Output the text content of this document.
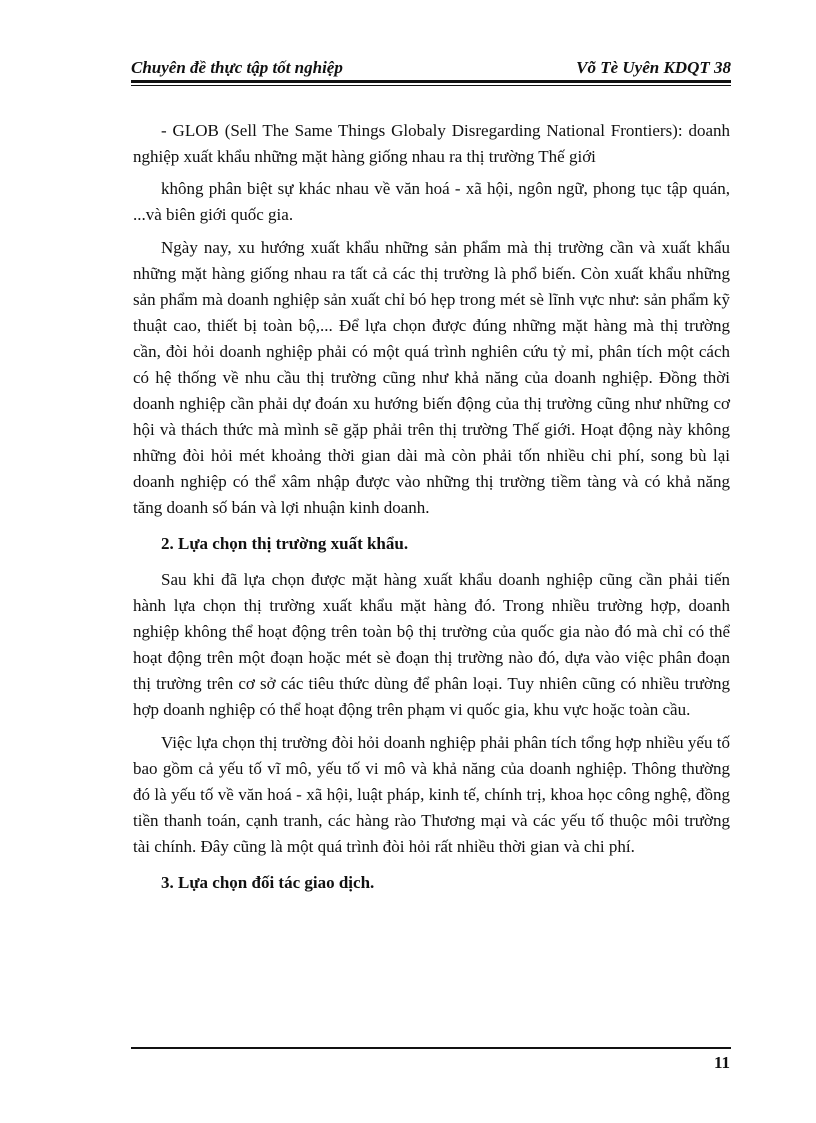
Chuyên đề thực tập tốt nghiệp	Võ Tè Uyên KDQT 38

- GLOB (Sell The Same Things Globaly Disregarding National Frontiers): doanh nghiệp xuất khẩu những mặt hàng giống nhau ra thị trường Thế giới

không phân biệt sự khác nhau về văn hoá - xã hội, ngôn ngữ, phong tục tập quán, ...và biên giới quốc gia.

Ngày nay, xu hướng xuất khẩu những sản phẩm mà thị trường cần và xuất khẩu những mặt hàng giống nhau ra tất cả các thị trường là phổ biến. Còn xuất khẩu những sản phẩm mà doanh nghiệp sản xuất chỉ bó hẹp trong mét sè lĩnh vực như: sản phẩm kỹ thuật cao, thiết bị toàn bộ,... Để lựa chọn được đúng những mặt hàng mà thị trường cần, đòi hỏi doanh nghiệp phải có một quá trình nghiên cứu tỷ mỉ, phân tích một cách có hệ thống về nhu cầu thị trường cũng như khả năng của doanh nghiệp. Đồng thời doanh nghiệp cần phải dự đoán xu hướng biến động của thị trường cũng như những cơ hội và thách thức mà mình sẽ gặp phải trên thị trường Thế giới. Hoạt động này không những đòi hỏi mét khoảng thời gian dài mà còn phải tốn nhiều chi phí, song bù lại doanh nghiệp có thể xâm nhập được vào những thị trường tiềm tàng và có khả năng tăng doanh số bán và lợi nhuận kinh doanh.

2. Lựa chọn thị trường xuất khẩu.

Sau khi đã lựa chọn được mặt hàng xuất khẩu doanh nghiệp cũng cần phải tiến hành lựa chọn thị trường xuất khẩu mặt hàng đó. Trong nhiều trường hợp, doanh nghiệp không thể hoạt động trên toàn bộ thị trường của quốc gia nào đó mà chỉ có thể hoạt động trên một đoạn hoặc mét sè đoạn thị trường nào đó, dựa vào việc phân đoạn thị trường trên cơ sở các tiêu thức dùng để phân loại. Tuy nhiên cũng có nhiều trường hợp doanh nghiệp có thể hoạt động trên phạm vi quốc gia, khu vực hoặc toàn cầu.

Việc lựa chọn thị trường đòi hỏi doanh nghiệp phải phân tích tổng hợp nhiều yếu tố bao gồm cả yếu tố vĩ mô, yếu tố vi mô và khả năng của doanh nghiệp. Thông thường đó là yếu tố về văn hoá - xã hội, luật pháp, kinh tế, chính trị, khoa học công nghệ, đồng tiền thanh toán, cạnh tranh, các hàng rào Thương mại và các yếu tố thuộc môi trường tài chính. Đây cũng là một quá trình đòi hỏi rất nhiều thời gian và chi phí.

3. Lựa chọn đối tác giao dịch.
11
